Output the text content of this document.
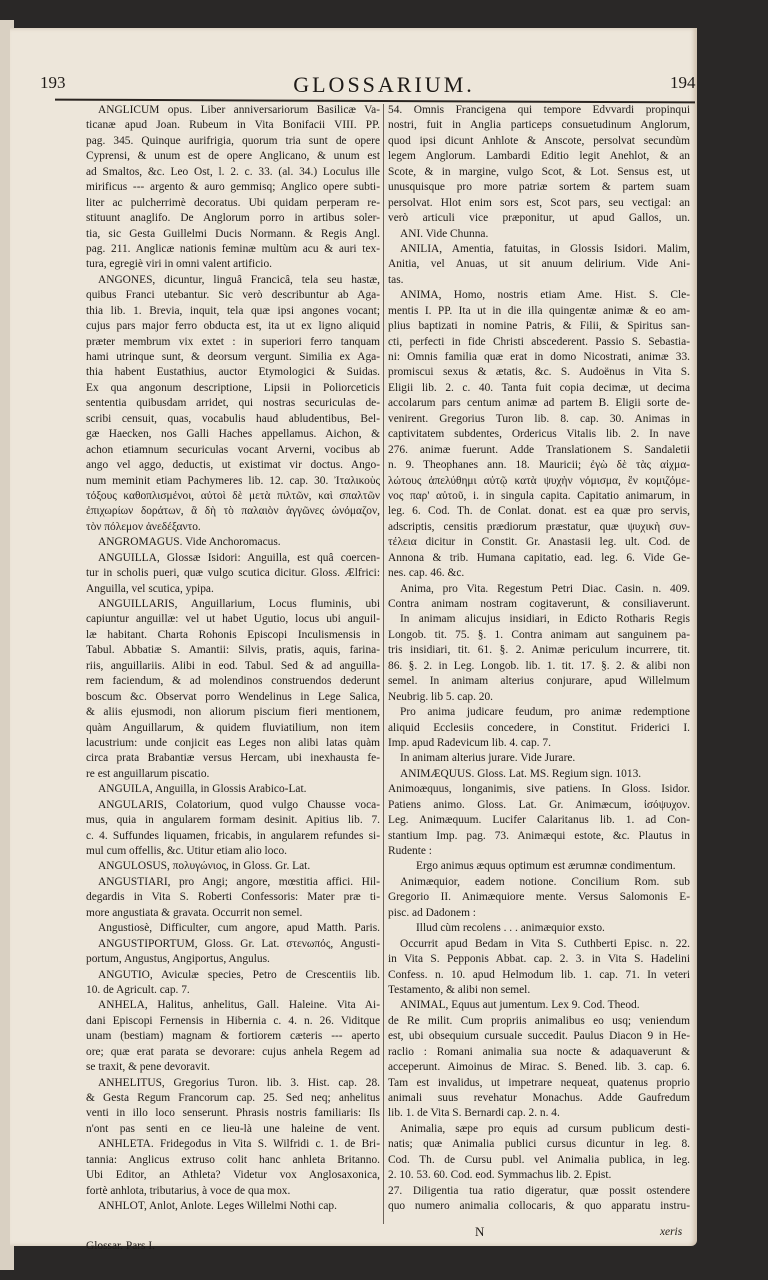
193	GLOSSARIUM.	194
ANGLICUM opus. Liber anniversariorum Basilicæ Va-
ticanæ apud Joan. Rubeum in Vita Bonifacii VIII. PP.
pag. 345. Quinque aurifrigia, quorum tria sunt de opere
Cyprensi, & unum est de opere Anglicano, & unum est
ad Smaltos, &c. Leo Ost, l. 2. c. 33. (al. 34.) Loculus ille
mirificus --- argento & auro gemmisq; Anglico opere subti-
liter ac pulcherrimè decoratus. Ubi quidam perperam re-
stituunt anaglifo. De Anglorum porro in artibus soler-
tia, sic Gesta Guillelmi Ducis Normann. & Regis Angl.
pag. 211. Anglicæ nationis feminæ multùm acu & auri tex-
tura, egregiè viri in omni valent artificio.
ANGONES, dicuntur, linguâ Francicâ, tela seu hastæ,
quibus Franci utebantur. Sic verò describuntur ab Aga-
thia lib. 1. Brevia, inquit, tela quæ ipsi angones vocant;
cujus pars major ferro obducta est, ita ut ex ligno aliquid
præter membrum vix extet : in superiori ferro tanquam
hami utrinque sunt, & deorsum vergunt. Similia ex Aga-
thia habent Eustathius, auctor Etymologici & Suidas.
Ex qua angonum descriptione, Lipsii in Poliorceticis
sententia quibusdam arridet, qui nostras securiculas de-
scribi censuit, quas, vocabulis haud abludentibus, Bel-
gæ Haecken, nos Galli Haches appellamus. Aichon, &
achon etiamnum securiculas vocant Arverni, vocibus ab
ango vel aggo, deductis, ut existimat vir doctus. Ango-
num meminit etiam Pachymeres lib. 12. cap. 30. Ἰταλικοὺς
τόξους καθοπλισμένοι, αὐτοὶ δὲ μετὰ πιλτῶν, καὶ σπαλτῶν
ἐπιχωρίων δοράτων, ἃ δὴ τὸ παλαιὸν ἀγγῶνες ὠνόμαζον,
τὸν πόλεμον ἀνεδέξαντο.
ANGROMAGUS. Vide Anchoromacus.
ANGUILLA, Glossæ Isidori: Anguilla, est quâ coercen-
tur in scholis pueri, quæ vulgo scutica dicitur. Gloss. Ælfrici:
Anguilla, vel scutica, ypipa.
ANGUILLARIS, Anguillarium, Locus fluminis, ubi
capiuntur anguillæ: vel ut habet Ugutio, locus ubi anguil-
læ habitant. Charta Rohonis Episcopi Inculismensis in
Tabul. Abbatiæ S. Amantii: Silvis, pratis, aquis, farina-
riis, anguillariis. Alibi in eod. Tabul. Sed & ad anguilla-
rem faciendum, & ad molendinos construendos dederunt
boscum &c. Observat porro Wendelinus in Lege Salica,
& aliis ejusmodi, non aliorum piscium fieri mentionem,
quàm Anguillarum, & quidem fluviatilium, non item
lacustrium: unde conjicit eas Leges non alibi latas quàm
circa prata Brabantiæ versus Hercam, ubi inexhausta fe-
re est anguillarum piscatio.
ANGUILA, Anguilla, in Glossis Arabico-Lat.
ANGULARIS, Colatorium, quod vulgo Chausse voca-
mus, quia in angularem formam desinit. Apitius lib. 7.
c. 4. Suffundes liquamen, fricabis, in angularem refundes si-
mul cum offellis, &c. Utitur etiam alio loco.
ANGULOSUS, πολυγώνιος, in Gloss. Gr. Lat.
ANGUSTIARI, pro Angi; angore, mœstitia affici. Hil-
degardis in Vita S. Roberti Confessoris: Mater præ ti-
more angustiata & gravata. Occurrit non semel.
Angustiosè, Difficulter, cum angore, apud Matth. Paris.
ANGUSTIPORTUM, Gloss. Gr. Lat. στενωπός, Angusti-
portum, Angustus, Angiportus, Angulus.
ANGUTIO, Aviculæ species, Petro de Crescentiis lib.
10. de Agricult. cap. 7.
ANHELA, Halitus, anhelitus, Gall. Haleine. Vita Ai-
dani Episcopi Fernensis in Hibernia c. 4. n. 26. Viditque
unam (bestiam) magnam & fortiorem cæteris --- aperto
ore; quæ erat parata se devorare: cujus anhela Regem ad
se traxit, & pene devoravit.
ANHELITUS, Gregorius Turon. lib. 3. Hist. cap. 28.
& Gesta Regum Francorum cap. 25. Sed neq; anhelitus
venti in illo loco senserunt. Phrasis nostris familiaris: Ils
n'ont pas senti en ce lieu-là une haleine de vent.
ANHLETA. Fridegodus in Vita S. Wilfridi c. 1. de Bri-
tannia: Anglicus extruso colit hanc anhleta Britanno.
Ubi Editor, an Athleta? Videtur vox Anglosaxonica,
fortè anhlota, tributarius, à voce de qua mox.
ANHLOT, Anlot, Anlote. Leges Willelmi Nothi cap.
54. Omnis Francigena qui tempore Edvvardi propinqui
nostri, fuit in Anglia particeps consuetudinum Anglorum,
quod ipsi dicunt Anhlote & Anscote, persolvat secundùm
legem Anglorum. Lambardi Editio legit Anehlot, & an
Scote, & in margine, vulgo Scot, & Lot. Sensus est, ut
unusquisque pro more patriæ sortem & partem suam
persolvat. Hlot enim sors est, Scot pars, seu vectigal: an
verò articuli vice præponitur, ut apud Gallos, un.
ANI. Vide Chunna.
ANILIA, Amentia, fatuitas, in Glossis Isidori. Malim,
Anitia, vel Anuas, ut sit anuum delirium. Vide Ani-
tas.
ANIMA, Homo, nostris etiam Ame. Hist. S. Cle-
mentis I. PP. Ita ut in die illa quingentæ animæ & eo am-
plius baptizati in nomine Patris, & Filii, & Spiritus san-
cti, perfecti in fide Christi abscederent. Passio S. Sebastia-
ni: Omnis familia quæ erat in domo Nicostrati, animæ 33.
promiscui sexus & ætatis, &c. S. Audoënus in Vita S.
Eligii lib. 2. c. 40. Tanta fuit copia decimæ, ut decima
accolarum pars centum animæ ad partem B. Eligii sorte de-
venirent. Gregorius Turon lib. 8. cap. 30. Animas in
captivitatem subdentes, Ordericus Vitalis lib. 2. In nave
276. animæ fuerunt. Adde Translationem S. Sandaletii
n. 9. Theophanes ann. 18. Mauricii; ἐγὼ δὲ τὰς αἰχμα-
λώτους ἀπελύθημι αὐτῷ κατὰ ψυχὴν νόμισμα, ἓν κομιζόμε-
νος παρ' αὐτοῦ, i. in singula capita. Capitatio animarum, in
leg. 6. Cod. Th. de Conlat. donat. est ea quæ pro servis,
adscriptis, censitis prædiorum præstatur, quæ ψυχικὴ συν-
τέλεια dicitur in Constit. Gr. Anastasii leg. ult. Cod. de
Annona & trib. Humana capitatio, ead. leg. 6. Vide Ge-
nes. cap. 46. &c.
Anima, pro Vita. Regestum Petri Diac. Casin. n. 409.
Contra animam nostram cogitaverunt, & consiliaverunt.
In animam alicujus insidiari, in Edicto Rotharis Regis
Longob. tit. 75. §. 1. Contra animam aut sanguinem pa-
tris insidiari, tit. 61. §. 2. Animæ periculum incurrere, tit.
86. §. 2. in Leg. Longob. lib. 1. tit. 17. §. 2. & alibi non
semel. In animam alterius conjurare, apud Willelmum
Neubrig. lib 5. cap. 20.
Pro anima judicare feudum, pro animæ redemptione
aliquid Ecclesiis concedere, in Constitut. Friderici I.
Imp. apud Radevicum lib. 4. cap. 7.
In animam alterius jurare. Vide Jurare.
ANIMÆQUUS. Gloss. Lat. MS. Regium sign. 1013.
Animoæquus, longanimis, sive patiens. In Gloss. Isidor.
Patiens animo. Gloss. Lat. Gr. Animæcum, ἰσόψυχον.
Leg. Animæquum. Lucifer Calaritanus lib. 1. ad Con-
stantium Imp. pag. 73. Animæqui estote, &c. Plautus in
Rudente :
Ergo animus æquus optimum est ærumnæ condimentum.
Animæquior, eadem notione. Concilium Rom. sub
Gregorio II. Animæquiore mente. Versus Salomonis E-
pisc. ad Dadonem :
Illud cùm recolens . . . animæquior exsto.
Occurrit apud Bedam in Vita S. Cuthberti Episc. n. 22.
in Vita S. Pepponis Abbat. cap. 2. 3. in Vita S. Hadelini
Confess. n. 10. apud Helmodum lib. 1. cap. 71. In veteri
Testamento, & alibi non semel.
ANIMAL, Equus aut jumentum. Lex 9. Cod. Theod.
de Re milit. Cum propriis animalibus eo usq; veniendum
est, ubi obsequium cursuale succedit. Paulus Diacon 9 in He-
raclio : Romani animalia sua nocte & adaquaverunt &
acceperunt. Aimoinus de Mirac. S. Bened. lib. 3. cap. 6.
Tam est invalidus, ut impetrare nequeat, quatenus proprio
animali suus revehatur Monachus. Adde Gaufredum
lib. 1. de Vita S. Bernardi cap. 2. n. 4.
Animalia, sæpe pro equis ad cursum publicum desti-
natis; quæ Animalia publici cursus dicuntur in leg. 8.
Cod. Th. de Cursu publ. vel Animalia publica, in leg.
2. 10. 53. 60. Cod. eod. Symmachus lib. 2. Epist.
27. Diligentia tua ratio digeratur, quæ possit ostendere
quo numero animalia collocaris, & quo apparatu instru-
Glossar. Pars I.
N	xeris
